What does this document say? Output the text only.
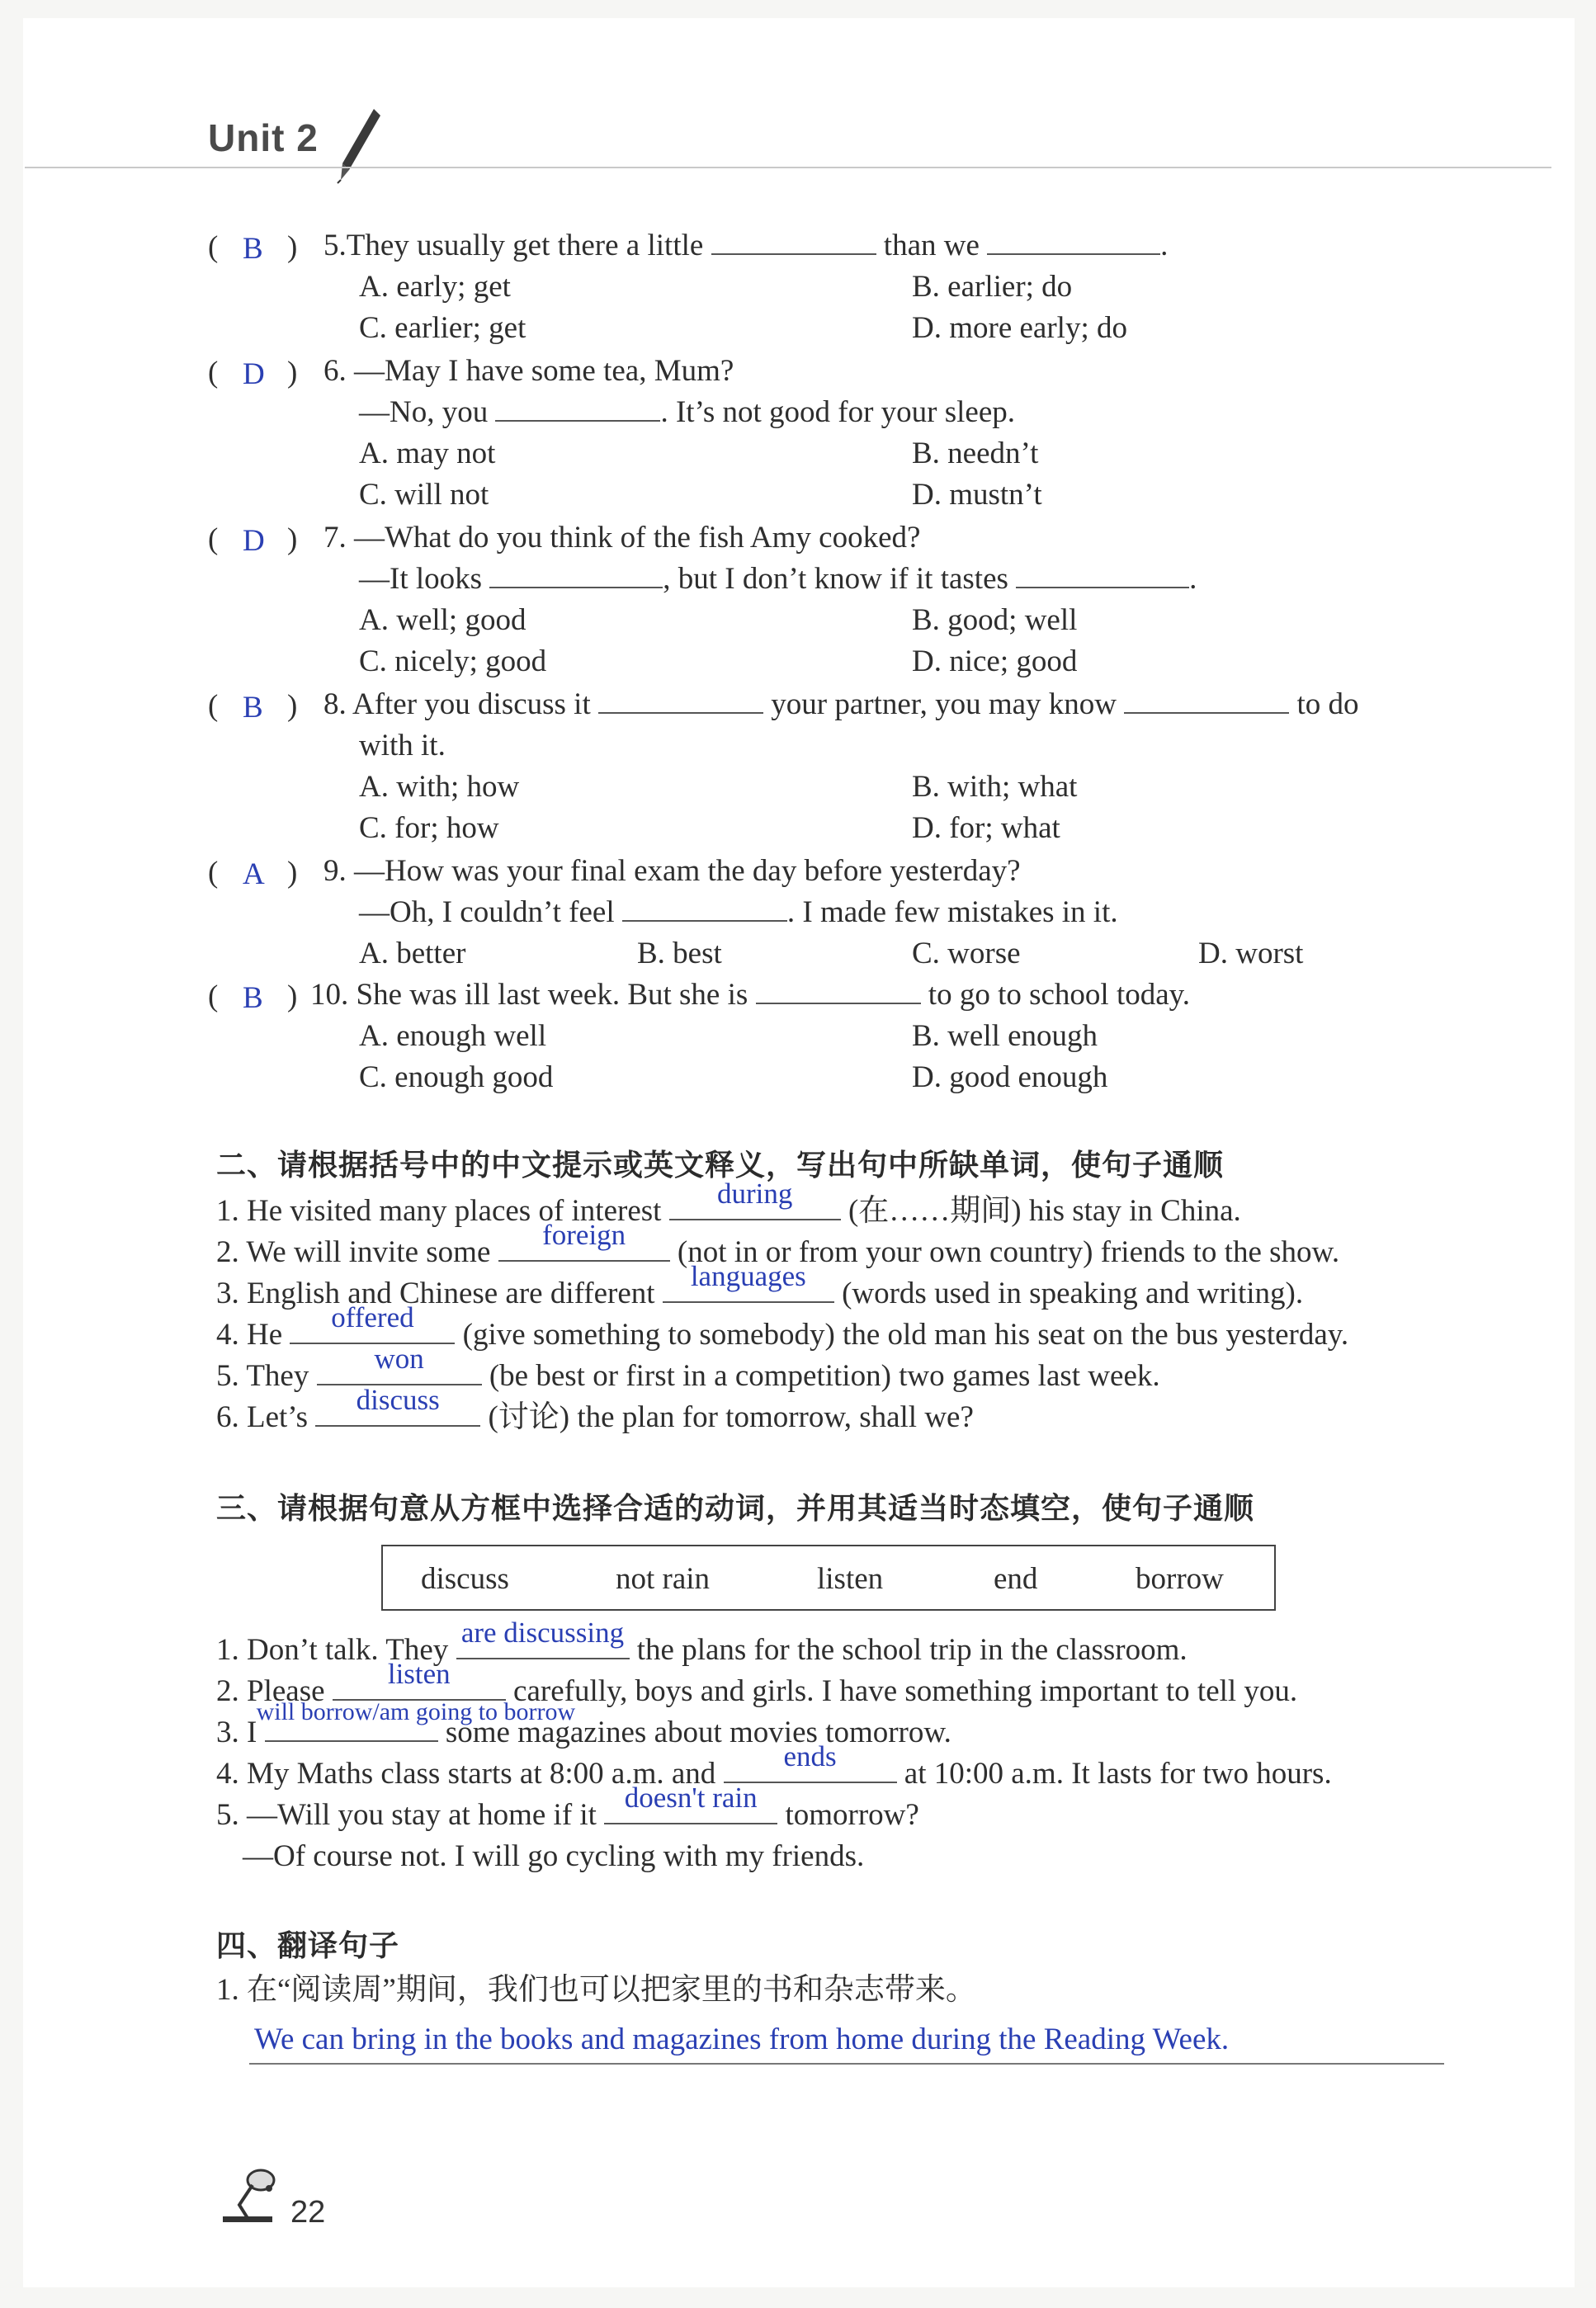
Unit 2
( B ) 5.They usually get there a little	than we	.
A. early; get	B. earlier; do
C. earlier; get	D. more early; do
( D ) 6. —May I have some tea, Mum?
—No, you	. It’s not good for your sleep.
A. may not	B. needn’t
C. will not	D. mustn’t
( D ) 7. —What do you think of the fish Amy cooked?
—It looks	, but I don’t know if it tastes	.
A. well; good	B. good; well
C. nicely; good	D. nice; good
( B ) 8. After you discuss it	your partner, you may know	to do
with it.
A. with; how	B. with; what
C. for; how	D. for; what
( A ) 9. —How was your final exam the day before yesterday?
—Oh, I couldn’t feel	. I made few mistakes in it.
A. better	B. best	C. worse	D. worst
( B ) 10. She was ill last week. But she is	to go to school today.
A. enough well	B. well enough
C. enough good	D. good enough
二、请根据括号中的中文提示或英文释义，写出句中所缺单词，使句子通顺
1. He visited many places of interest
during
(在……期间) his stay in China.
2. We will invite some
foreign
(not in or from your own country) friends to the show.
3. English and Chinese are different
languages
(words used in speaking and writing).
4. He
offered
(give something to somebody) the old man his seat on the bus yesterday.
5. They
won
(be best or first in a competition) two games last week.
6. Let’s
discuss
(讨论) the plan for tomorrow, shall we?
三、请根据句意从方框中选择合适的动词，并用其适当时态填空，使句子通顺
discuss	not rain	listen	end	borrow
1. Don’t talk. They
are discussing
the plans for the school trip in the classroom.
2. Please
listen
carefully, boys and girls. I have something important to tell you.
3. I
will borrow/am going to borrow
some magazines about movies tomorrow.
4. My Maths class starts at 8:00 a.m. and
ends
at 10:00 a.m. It lasts for two hours.
5. —Will you stay at home if it
doesn't rain
tomorrow?
—Of course not. I will go cycling with my friends.
四、翻译句子
1. 在“阅读周”期间，我们也可以把家里的书和杂志带来。
We can bring in the books and magazines from home during the Reading Week.
22
